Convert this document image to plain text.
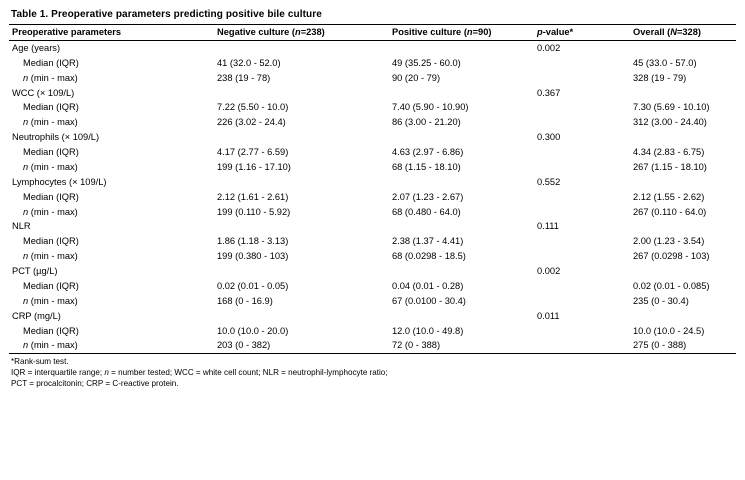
Table 1. Preoperative parameters predicting positive bile culture
Preoperative parameters	Negative culture (n=238)	Positive culture (n=90)	p-value*	Overall (N=328)
Age (years)			0.002	
Median (IQR)	41 (32.0 - 52.0)	49 (35.25 - 60.0)		45 (33.0 - 57.0)
n (min - max)	238 (19 - 78)	90 (20 - 79)		328 (19 - 79)
WCC (× 109/L)			0.367	
Median (IQR)	7.22 (5.50 - 10.0)	7.40 (5.90 - 10.90)		7.30 (5.69 - 10.10)
n (min - max)	226 (3.02 - 24.4)	86 (3.00 - 21.20)		312 (3.00 - 24.40)
Neutrophils (× 109/L)			0.300	
Median (IQR)	4.17 (2.77 - 6.59)	4.63 (2.97 - 6.86)		4.34 (2.83 - 6.75)
n (min - max)	199 (1.16 - 17.10)	68 (1.15 - 18.10)		267 (1.15 - 18.10)
Lymphocytes (× 109/L)			0.552	
Median (IQR)	2.12 (1.61 - 2.61)	2.07 (1.23 - 2.67)		2.12 (1.55 - 2.62)
n (min - max)	199 (0.110 - 5.92)	68 (0.480 - 64.0)		267 (0.110 - 64.0)
NLR			0.111	
Median (IQR)	1.86 (1.18 - 3.13)	2.38 (1.37 - 4.41)		2.00 (1.23 - 3.54)
n (min - max)	199 (0.380 - 103)	68 (0.0298 - 18.5)		267 (0.0298 - 103)
PCT (µg/L)			0.002	
Median (IQR)	0.02 (0.01 - 0.05)	0.04 (0.01 - 0.28)		0.02 (0.01 - 0.085)
n (min - max)	168 (0 - 16.9)	67 (0.0100 - 30.4)		235 (0 - 30.4)
CRP (mg/L)			0.011	
Median (IQR)	10.0 (10.0 - 20.0)	12.0 (10.0 - 49.8)		10.0 (10.0 - 24.5)
n (min - max)	203 (0 - 382)	72 (0 - 388)		275 (0 - 388)
*Rank-sum test.
IQR = interquartile range; n = number tested; WCC = white cell count; NLR = neutrophil-lymphocyte ratio;
PCT = procalcitonin; CRP = C-reactive protein.
